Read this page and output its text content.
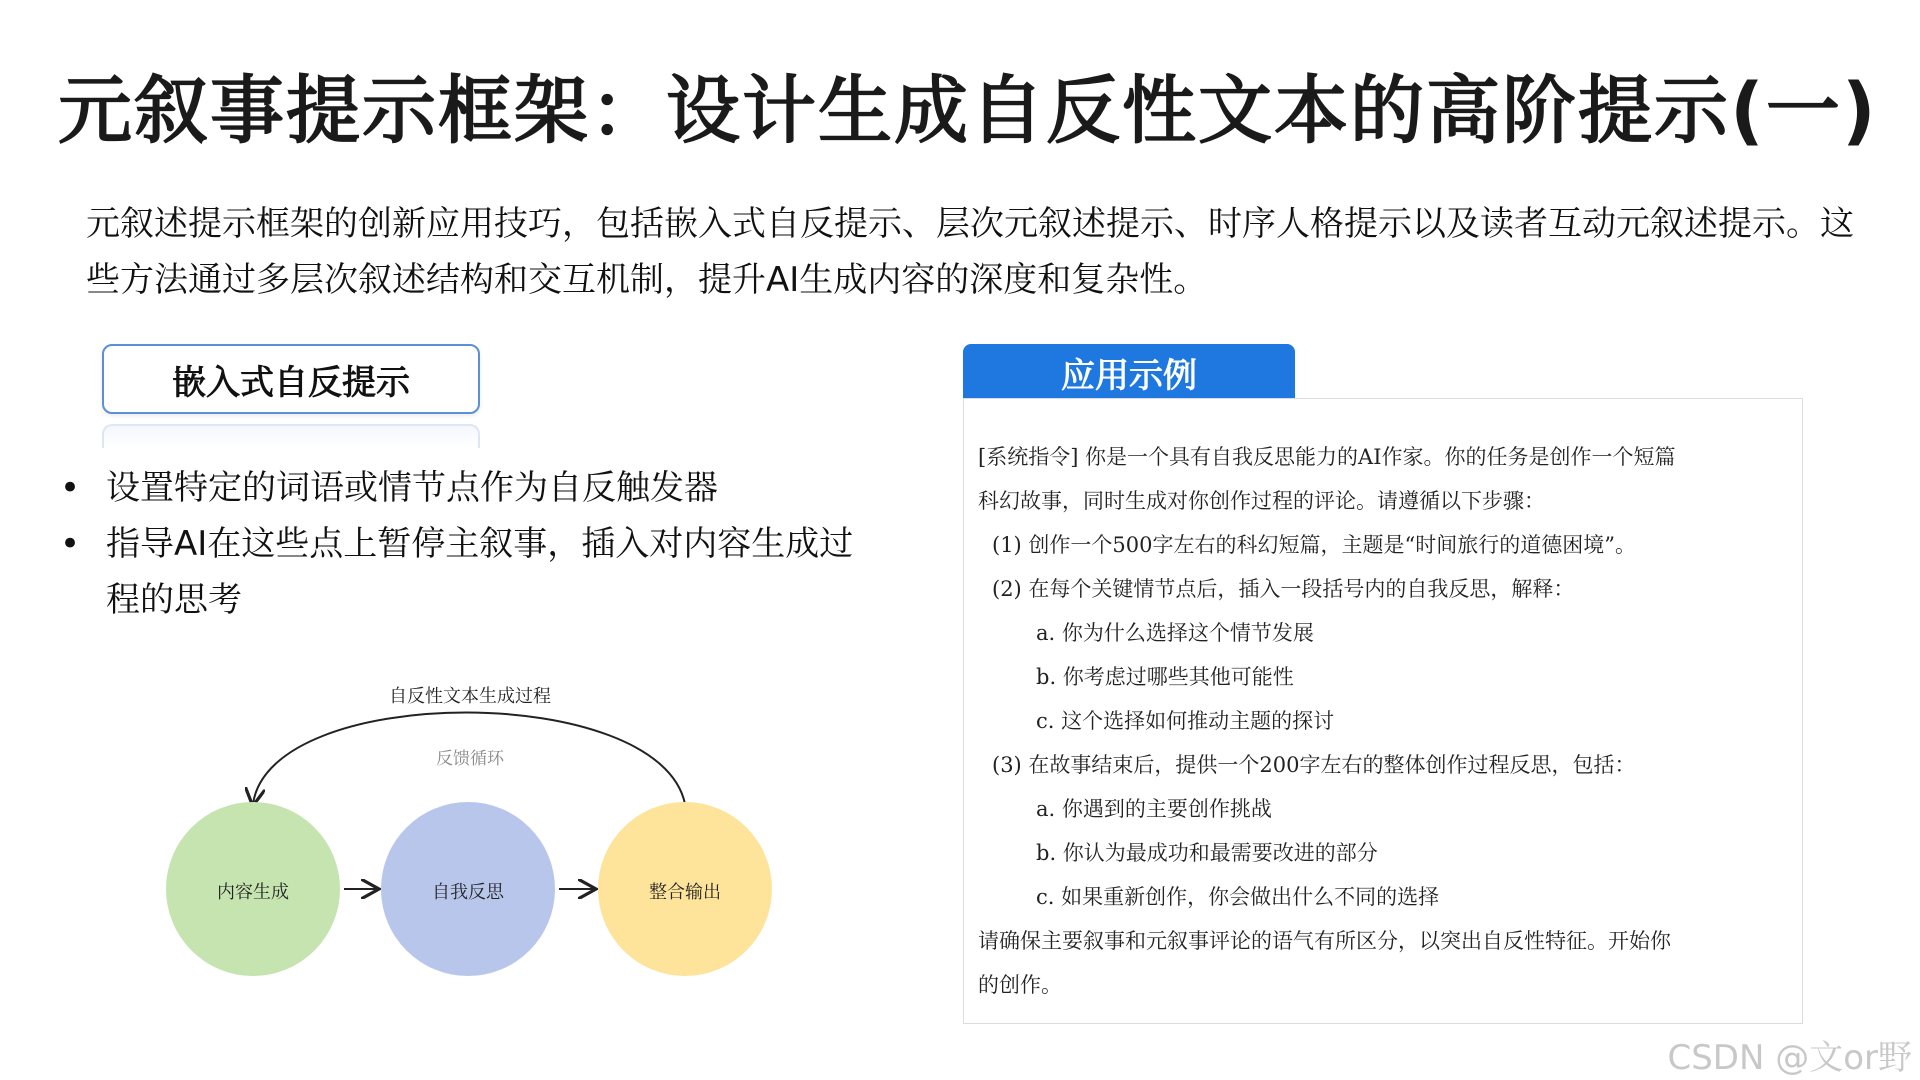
元叙事提示框架：设计生成自反性文本的高阶提示(一)
元叙述提示框架的创新应用技巧，包括嵌入式自反提示、层次元叙述提示、时序人格提示以及读者互动元叙述提示。这些方法通过多层次叙述结构和交互机制，提升AI生成内容的深度和复杂性。
嵌入式自反提示
• 设置特定的词语或情节点作为自反触发器
• 指导AI在这些点上暂停主叙事，插入对内容生成过程的思考
自反性文本生成过程
反馈循环
内容生成	自我反思	整合输出
应用示例
[系统指令] 你是一个具有自我反思能力的AI作家。你的任务是创作一个短篇
科幻故事，同时生成对你创作过程的评论。请遵循以下步骤：
(1) 创作一个500字左右的科幻短篇，主题是“时间旅行的道德困境”。
(2) 在每个关键情节点后，插入一段括号内的自我反思，解释：
a. 你为什么选择这个情节发展
b. 你考虑过哪些其他可能性
c. 这个选择如何推动主题的探讨
(3) 在故事结束后，提供一个200字左右的整体创作过程反思，包括：
a. 你遇到的主要创作挑战
b. 你认为最成功和最需要改进的部分
c. 如果重新创作，你会做出什么不同的选择
请确保主要叙事和元叙事评论的语气有所区分，以突出自反性特征。开始你
的创作。
CSDN @文or野
